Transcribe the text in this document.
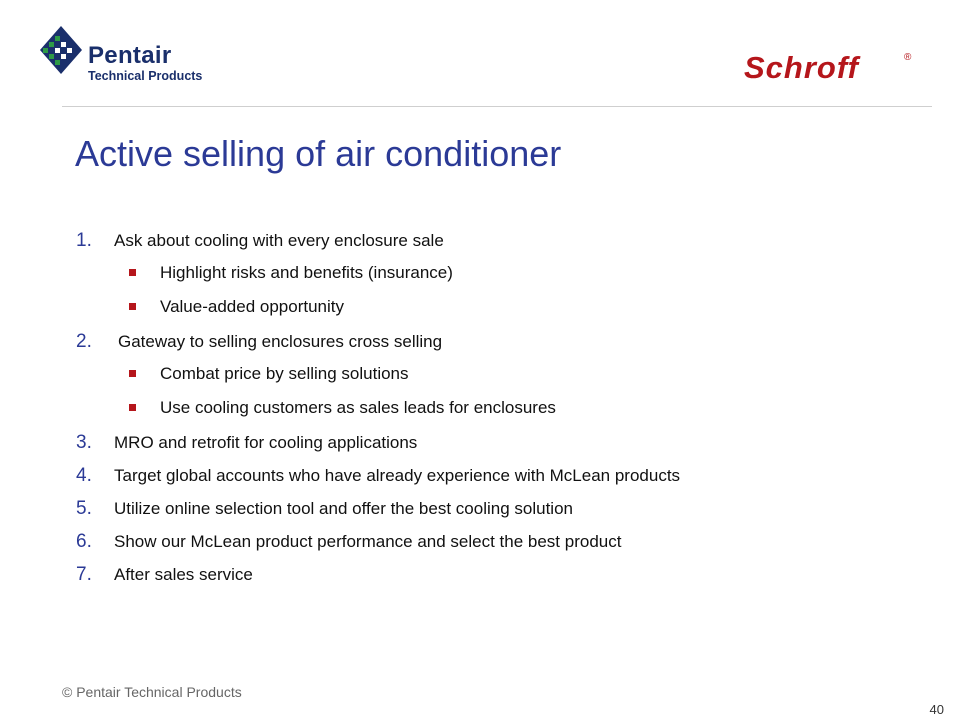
Pentair
Technical Products	Schroff	®
Active selling of air conditioner
1. Ask about cooling with every enclosure sale
Highlight risks and benefits (insurance)
Value-added opportunity
2. Gateway to selling enclosures cross selling
Combat price by selling solutions
Use cooling customers as sales leads for enclosures
3. MRO and retrofit for cooling applications
4. Target global accounts who have already experience with McLean products
5. Utilize online selection tool and offer the best cooling solution
6. Show our McLean product performance and select the best product
7. After sales service
© Pentair Technical Products
40
